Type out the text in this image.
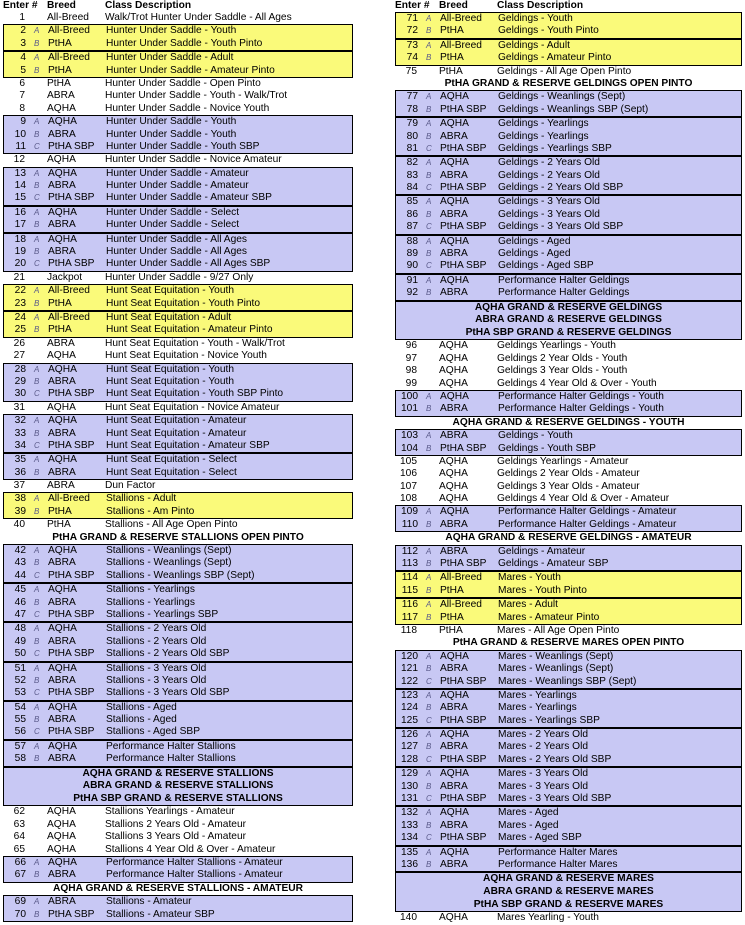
Enter # Breed	Class Description
1 All-Breed Walk/Trot Hunter Under Saddle - All Ages
2 A All-Breed Hunter Under Saddle - Youth
3 B PtHA	Hunter Under Saddle - Youth Pinto
4 A All-Breed Hunter Under Saddle - Adult
5 B PtHA	Hunter Under Saddle - Amateur Pinto
6 PtHA	Hunter Under Saddle - Open Pinto
7 ABRA	Hunter Under Saddle - Youth - Walk/Trot
8 AQHA	Hunter Under Saddle - Novice Youth
9 A AQHA	Hunter Under Saddle - Youth
10 B ABRA	Hunter Under Saddle - Youth
11 C PtHA SBP Hunter Under Saddle - Youth SBP
12 AQHA	Hunter Under Saddle - Novice Amateur
13 A AQHA	Hunter Under Saddle - Amateur
14 B ABRA	Hunter Under Saddle - Amateur
15 C PtHA SBP Hunter Under Saddle - Amateur SBP
16 A AQHA	Hunter Under Saddle - Select
17 B ABRA	Hunter Under Saddle - Select
18 A AQHA	Hunter Under Saddle - All Ages
19 B ABRA	Hunter Under Saddle - All Ages
20 C PtHA SBP Hunter Under Saddle - All Ages SBP
21 Jackpot Hunter Under Saddle - 9/27 Only
22 A All-Breed Hunt Seat Equitation - Youth
23 B PtHA	Hunt Seat Equitation - Youth Pinto
24 A All-Breed Hunt Seat Equitation - Adult
25 B PtHA	Hunt Seat Equitation - Amateur Pinto
26 ABRA	Hunt Seat Equitation - Youth - Walk/Trot
27 AQHA	Hunt Seat Equitation - Novice Youth
28 A AQHA	Hunt Seat Equitation - Youth
29 B ABRA	Hunt Seat Equitation - Youth
30 C PtHA SBP Hunt Seat Equitation - Youth SBP Pinto
31 AQHA	Hunt Seat Equitation - Novice Amateur
32 A AQHA	Hunt Seat Equitation - Amateur
33 B ABRA	Hunt Seat Equitation - Amateur
34 C PtHA SBP Hunt Seat Equitation - Amateur SBP
35 A AQHA	Hunt Seat Equitation - Select
36 B ABRA	Hunt Seat Equitation - Select
37 ABRA	Dun Factor
38 A All-Breed Stallions - Adult
39 B PtHA	Stallions - Am Pinto
40 PtHA	Stallions - All Age Open Pinto
PtHA GRAND & RESERVE STALLIONS OPEN PINTO
42 A AQHA	Stallions - Weanlings (Sept)
43 B ABRA	Stallions - Weanlings (Sept)
44 C PtHA SBP Stallions - Weanlings SBP (Sept)
45 A AQHA	Stallions - Yearlings
46 B ABRA	Stallions - Yearlings
47 C PtHA SBP Stallions - Yearlings SBP
48 A AQHA	Stallions - 2 Years Old
49 B ABRA	Stallions - 2 Years Old
50 C PtHA SBP Stallions - 2 Years Old SBP
51 A AQHA	Stallions - 3 Years Old
52 B ABRA	Stallions - 3 Years Old
53 C PtHA SBP Stallions - 3 Years Old SBP
54 A AQHA	Stallions - Aged
55 B ABRA	Stallions - Aged
56 C PtHA SBP Stallions - Aged SBP
57 A AQHA	Performance Halter Stallions
58 B ABRA	Performance Halter Stallions
AQHA GRAND & RESERVE STALLIONS
ABRA GRAND & RESERVE STALLIONS
PtHA SBP GRAND & RESERVE STALLIONS
62 AQHA	Stallions Yearlings - Amateur
63 AQHA	Stallions 2 Years Old - Amateur
64 AQHA	Stallions 3 Years Old - Amateur
65 AQHA	Stallions 4 Year Old & Over - Amateur
66 A AQHA	Performance Halter Stallions - Amateur
67 B ABRA	Performance Halter Stallions - Amateur
AQHA GRAND & RESERVE STALLIONS - AMATEUR
69 A ABRA	Stallions - Amateur
70 B PtHA SBP Stallions - Amateur SBP
Enter # Breed	Class Description
71 A All-Breed Geldings - Youth
72 B PtHA	Geldings - Youth Pinto
73 A All-Breed Geldings - Adult
74 B PtHA	Geldings - Amateur Pinto
75 PtHA	Geldings - All Age Open Pinto
PtHA GRAND & RESERVE GELDINGS OPEN PINTO
77 A AQHA	Geldings - Weanlings (Sept)
78 B PtHA SBP Geldings - Weanlings SBP (Sept)
79 A AQHA	Geldings - Yearlings
80 B ABRA	Geldings - Yearlings
81 C PtHA SBP Geldings - Yearlings SBP
82 A AQHA	Geldings - 2 Years Old
83 B ABRA	Geldings - 2 Years Old
84 C PtHA SBP Geldings - 2 Years Old SBP
85 A AQHA	Geldings - 3 Years Old
86 B ABRA	Geldings - 3 Years Old
87 C PtHA SBP Geldings - 3 Years Old SBP
88 A AQHA	Geldings - Aged
89 B ABRA	Geldings - Aged
90 C PtHA SBP Geldings - Aged SBP
91 A AQHA	Performance Halter Geldings
92 B ABRA	Performance Halter Geldings
AQHA GRAND & RESERVE GELDINGS
ABRA GRAND & RESERVE GELDINGS
PtHA SBP GRAND & RESERVE GELDINGS
96 AQHA	Geldings Yearlings - Youth
97 AQHA	Geldings 2 Year Olds - Youth
98 AQHA	Geldings 3 Year Olds - Youth
99 AQHA	Geldings 4 Year Old & Over - Youth
100 A AQHA	Performance Halter Geldings - Youth
101 B ABRA	Performance Halter Geldings - Youth
AQHA GRAND & RESERVE GELDINGS - YOUTH
103 A ABRA	Geldings - Youth
104 B PtHA SBP Geldings - Youth SBP
105 AQHA	Geldings Yearlings - Amateur
106 AQHA	Geldings 2 Year Olds - Amateur
107 AQHA	Geldings 3 Year Olds - Amateur
108 AQHA	Geldings 4 Year Old & Over - Amateur
109 A AQHA	Performance Halter Geldings - Amateur
110 B ABRA	Performance Halter Geldings - Amateur
AQHA GRAND & RESERVE GELDINGS - AMATEUR
112 A ABRA	Geldings - Amateur
113 B PtHA SBP Geldings - Amateur SBP
114 A All-Breed Mares - Youth
115 B PtHA	Mares - Youth Pinto
116 A All-Breed Mares - Adult
117 B PtHA	Mares - Amateur Pinto
118 PtHA	Mares - All Age Open Pinto
PtHA GRAND & RESERVE MARES OPEN PINTO
120 A AQHA	Mares - Weanlings (Sept)
121 B ABRA	Mares - Weanlings (Sept)
122 C PtHA SBP Mares - Weanlings SBP (Sept)
123 A AQHA	Mares - Yearlings
124 B ABRA	Mares - Yearlings
125 C PtHA SBP Mares - Yearlings SBP
126 A AQHA	Mares - 2 Years Old
127 B ABRA	Mares - 2 Years Old
128 C PtHA SBP Mares - 2 Years Old SBP
129 A AQHA	Mares - 3 Years Old
130 B ABRA	Mares - 3 Years Old
131 C PtHA SBP Mares - 3 Years Old SBP
132 A AQHA	Mares - Aged
133 B ABRA	Mares - Aged
134 C PtHA SBP Mares - Aged SBP
135 A AQHA	Performance Halter Mares
136 B ABRA	Performance Halter Mares
AQHA GRAND & RESERVE MARES
ABRA GRAND & RESERVE MARES
PtHA SBP GRAND & RESERVE MARES
140 AQHA	Mares Yearling - Youth
